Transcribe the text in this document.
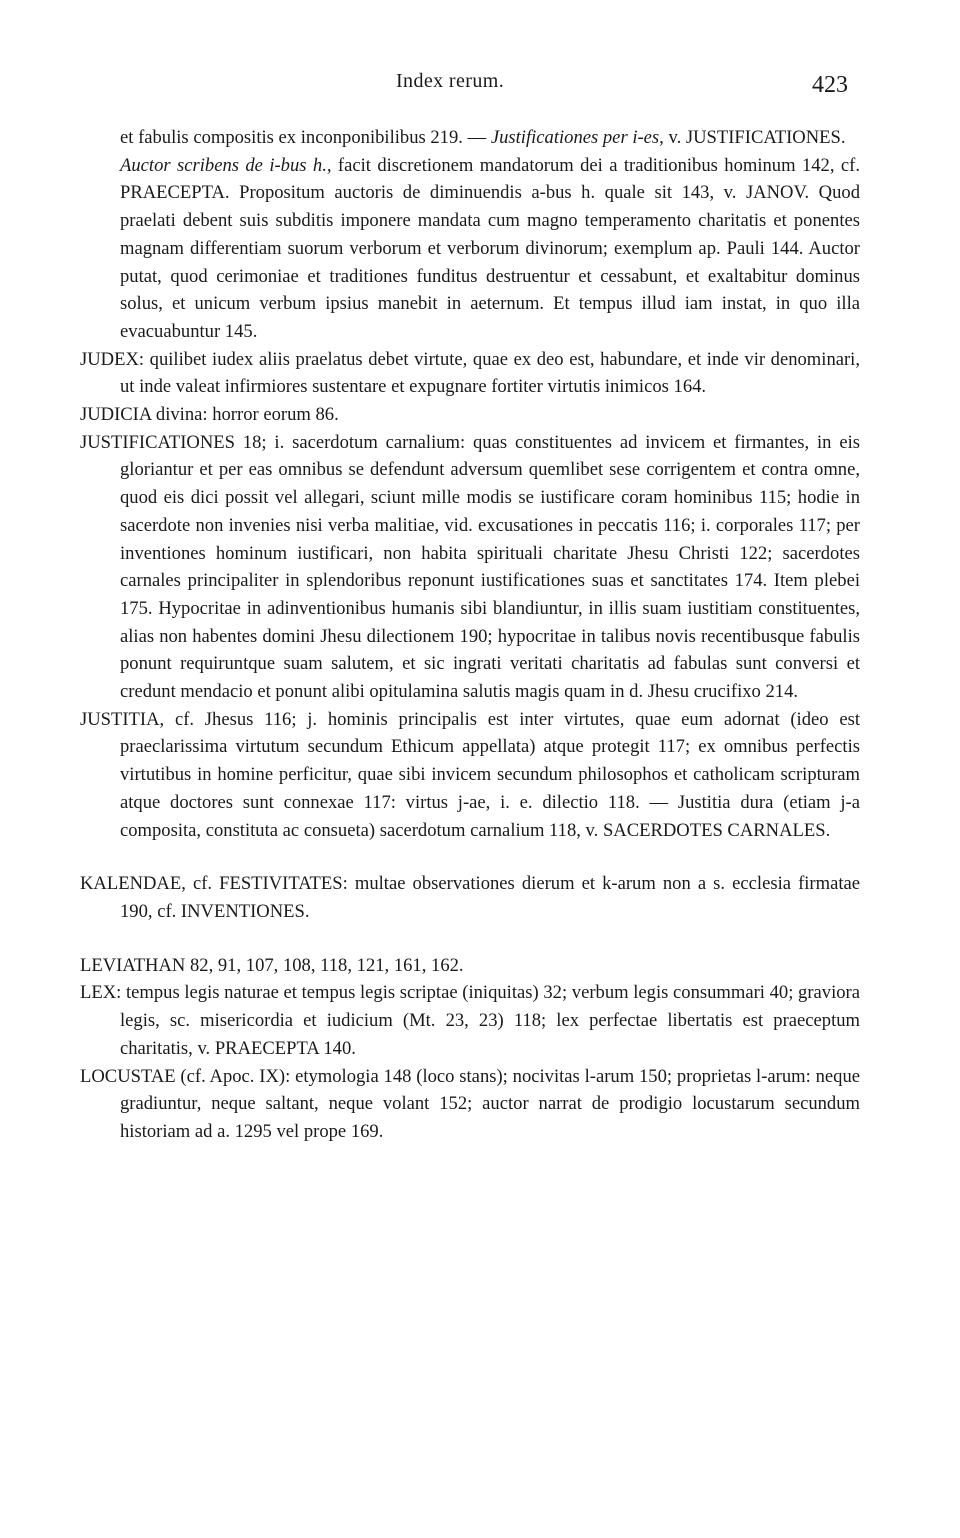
Index rerum.	423
et fabulis compositis ex inconponibilibus 219. — Justificationes per i-es, v. JUSTIFICATIONES.
Auctor scribens de i-bus h., facit discretionem mandatorum dei a traditionibus hominum 142, cf. PRAECEPTA. Propositum auctoris de diminuendis a-bus h. quale sit 143, v. JANOV. Quod praelati debent suis subditis imponere mandata cum magno temperamento charitatis et ponentes magnam differentiam suorum verborum et verborum divinorum; exemplum ap. Pauli 144. Auctor putat, quod cerimoniae et traditiones funditus destruentur et cessabunt, et exaltabitur dominus solus, et unicum verbum ipsius manebit in aeternum. Et tempus illud iam instat, in quo illa evacuabuntur 145.
JUDEX: quilibet iudex aliis praelatus debet virtute, quae ex deo est, habundare, et inde vir denominari, ut inde valeat infirmiores sustentare et expugnare fortiter virtutis inimicos 164.
JUDICIA divina: horror eorum 86.
JUSTIFICATIONES 18; i. sacerdotum carnalium: quas constituentes ad invicem et firmantes, in eis gloriantur et per eas omnibus se defendunt adversum quemlibet sese corrigentem et contra omne, quod eis dici possit vel allegari, sciunt mille modis se iustificare coram hominibus 115; hodie in sacerdote non invenies nisi verba malitiae, vid. excusationes in peccatis 116; i. corporales 117; per inventiones hominum iustificari, non habita spirituali charitate Jhesu Christi 122; sacerdotes carnales principaliter in splendoribus reponunt iustificationes suas et sanctitates 174. Item plebei 175. Hypocritae in adinventionibus humanis sibi blandiuntur, in illis suam iustitiam constituentes, alias non habentes domini Jhesu dilectionem 190; hypocritae in talibus novis recentibusque fabulis ponunt requiruntque suam salutem, et sic ingrati veritati charitatis ad fabulas sunt conversi et credunt mendacio et ponunt alibi opitulamina salutis magis quam in d. Jhesu crucifixo 214.
JUSTITIA, cf. Jhesus 116; j. hominis principalis est inter virtutes, quae eum adornat (ideo est praeclarissima virtutum secundum Ethicum appellata) atque protegit 117; ex omnibus perfectis virtutibus in homine perficitur, quae sibi invicem secundum philosophos et catholicam scripturam atque doctores sunt connexae 117: virtus j-ae, i. e. dilectio 118. — Justitia dura (etiam j-a composita, constituta ac consueta) sacerdotum carnalium 118, v. SACERDOTES CARNALES.
KALENDAE, cf. FESTIVITATES: multae observationes dierum et k-arum non a s. ecclesia firmatae 190, cf. INVENTIONES.
LEVIATHAN 82, 91, 107, 108, 118, 121, 161, 162.
LEX: tempus legis naturae et tempus legis scriptae (iniquitas) 32; verbum legis consummari 40; graviora legis, sc. misericordia et iudicium (Mt. 23, 23) 118; lex perfectae libertatis est praeceptum charitatis, v. PRAECEPTA 140.
LOCUSTAE (cf. Apoc. IX): etymologia 148 (loco stans); nocivitas l-arum 150; proprietas l-arum: neque gradiuntur, neque saltant, neque volant 152; auctor narrat de prodigio locustarum secundum historiam ad a. 1295 vel prope 169.
